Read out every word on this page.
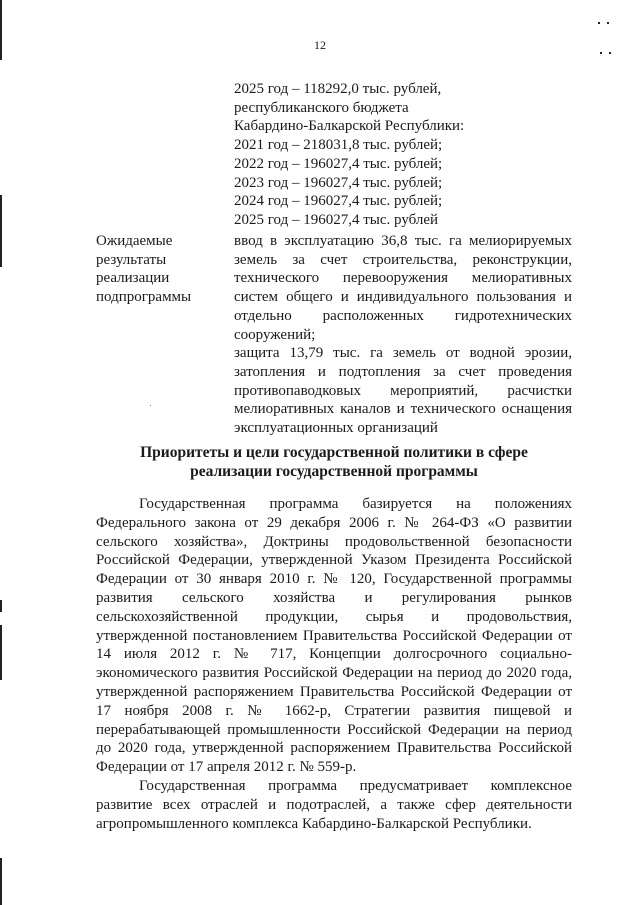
12
2025 год – 118292,0 тыс. рублей,
республиканского бюджета
Кабардино-Балкарской Республики:
2021 год – 218031,8 тыс. рублей;
2022 год – 196027,4 тыс. рублей;
2023 год – 196027,4 тыс. рублей;
2024 год – 196027,4 тыс. рублей;
2025 год – 196027,4 тыс. рублей
Ожидаемые
результаты
реализации
подпрограммы

ввод в эксплуатацию 36,8 тыс. га мелиорируемых земель за счет строительства, реконструкции, технического перевооружения мелиоративных систем общего и индивидуального пользования и отдельно расположенных гидротехнических сооружений;

защита 13,79 тыс. га земель от водной эрозии, затопления и подтопления за счет проведения противопаводковых мероприятий, расчистки мелиоративных каналов и технического оснащения эксплуатационных организаций

Приоритеты и цели государственной политики в сфере
реализации государственной программы

Государственная программа базируется на положениях Федерального закона от 29 декабря 2006 г. № 264-ФЗ «О развитии сельского хозяйства», Доктрины продовольственной безопасности Российской Федерации, утвержденной Указом Президента Российской Федерации от 30 января 2010 г. № 120, Государственной программы развития сельского хозяйства и регулирования рынков сельскохозяйственной продукции, сырья и продовольствия, утвержденной постановлением Правительства Российской Федерации от 14 июля 2012 г. № 717, Концепции долгосрочного социально-экономического развития Российской Федерации на период до 2020 года, утвержденной распоряжением Правительства Российской Федерации от 17 ноября 2008 г. № 1662-р, Стратегии развития пищевой и перерабатывающей промышленности Российской Федерации на период до 2020 года, утвержденной распоряжением Правительства Российской Федерации от 17 апреля 2012 г. № 559-р.

Государственная программа предусматривает комплексное развитие всех отраслей и подотраслей, а также сфер деятельности агропромышленного комплекса Кабардино-Балкарской Республики.
